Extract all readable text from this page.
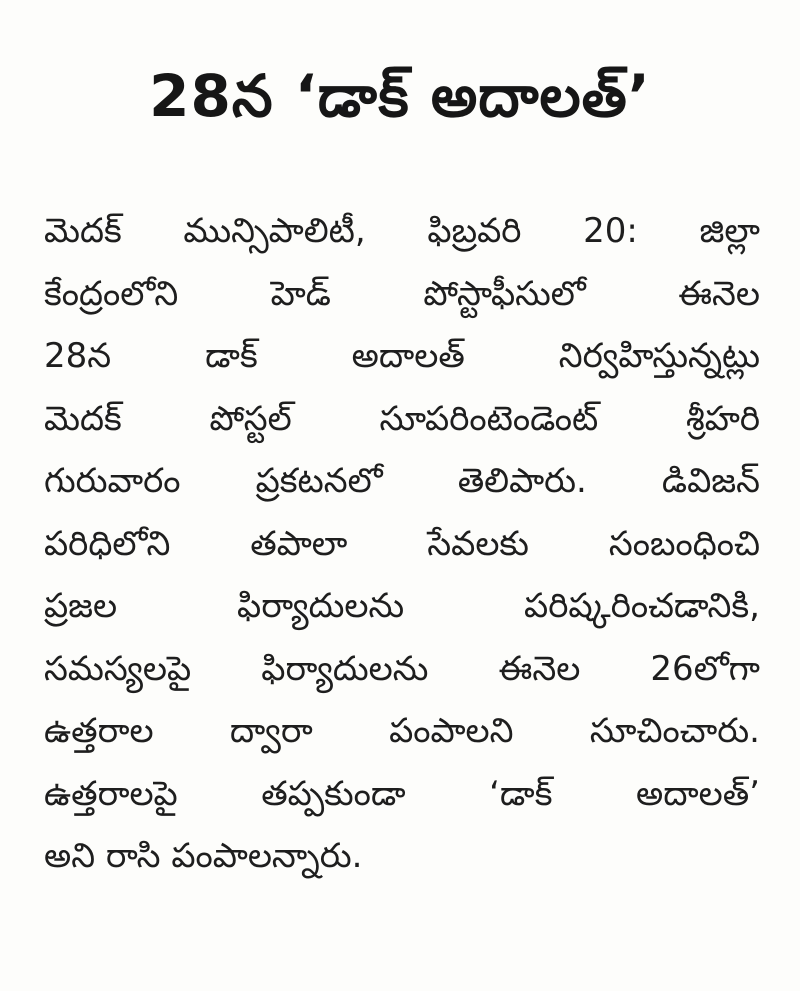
28న ‘డాక్ అదాలత్’
మెదక్ మున్సిపాలిటీ, ఫిబ్రవరి 20: జిల్లా
కేంద్రంలోని హెడ్ పోస్టాఫీసులో ఈనెల
28న డాక్ అదాలత్ నిర్వహిస్తున్నట్లు
మెదక్ పోస్టల్ సూపరింటెండెంట్ శ్రీహరి
గురువారం ప్రకటనలో తెలిపారు. డివిజన్
పరిధిలోని తపాలా సేవలకు సంబంధించి
ప్రజల ఫిర్యాదులను పరిష్కరించడానికి,
సమస్యలపై ఫిర్యాదులను ఈనెల 26లోగా
ఉత్తరాల ద్వారా పంపాలని సూచించారు.
ఉత్తరాలపై తప్పకుండా ‘డాక్ అదాలత్’
అని రాసి పంపాలన్నారు.
